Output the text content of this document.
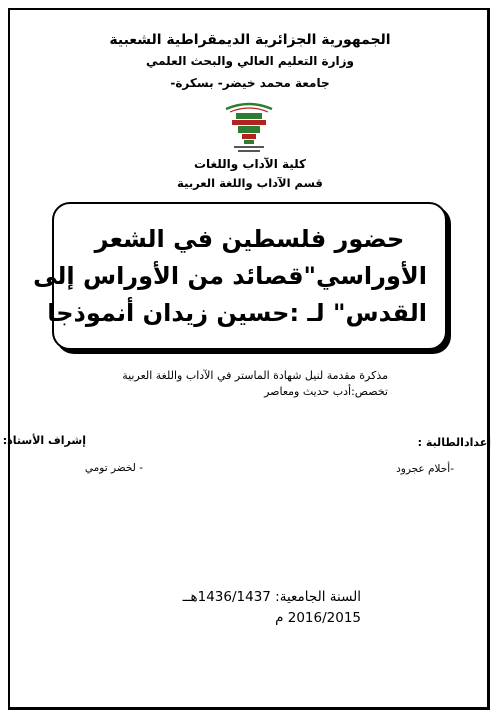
الجمهورية الجزائرية الديمقراطية الشعبية
وزارة التعليم العالي والبحث العلمي
جامعة محمد خيضر- بسكرة-
كلية الآداب واللغات
قسم الآداب واللغة العربية
حضور فلسطين في الشعر
الأوراسي"قصائد من الأوراس إلى
القدس" لـ :حسين زيدان أنموذجا
مذكرة مقدمة لنيل شهادة الماستر في الآداب واللغة العربية
تخصص:أدب حديث ومعاصر
إعدادالطالبة :
-أحلام عجرود
إشراف الأستاذ:
- لخضر تومي
السنة الجامعية: 1436/1437هــ
2016/2015 م
